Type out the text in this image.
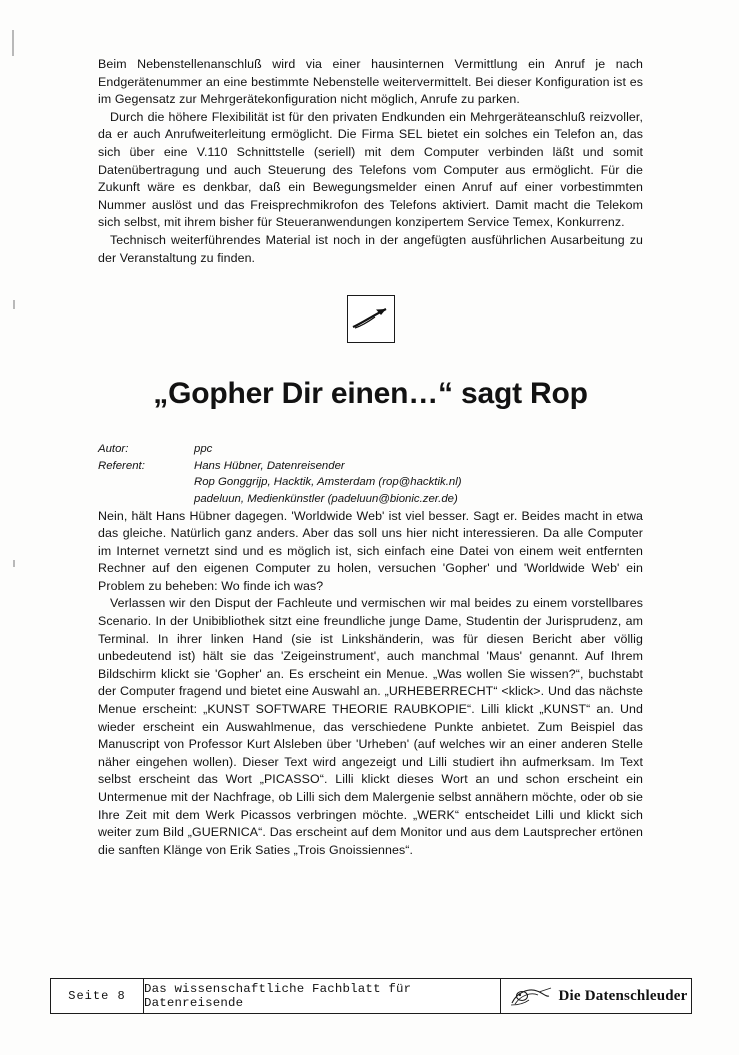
Beim Nebenstellenanschluß wird via einer hausinternen Vermittlung ein Anruf je nach Endgerätenummer an eine bestimmte Nebenstelle weitervermittelt. Bei dieser Konfiguration ist es im Gegensatz zur Mehrgerätekonfiguration nicht möglich, Anrufe zu parken.

Durch die höhere Flexibilität ist für den privaten Endkunden ein Mehrgeräteanschluß reizvoller, da er auch Anrufweiterleitung ermöglicht. Die Firma SEL bietet ein solches ein Telefon an, das sich über eine V.110 Schnittstelle (seriell) mit dem Computer verbinden läßt und somit Datenübertragung und auch Steuerung des Telefons vom Computer aus ermöglicht. Für die Zukunft wäre es denkbar, daß ein Bewegungsmelder einen Anruf auf einer vorbestimmten Nummer auslöst und das Freisprechmikrofon des Telefons aktiviert. Damit macht die Telekom sich selbst, mit ihrem bisher für Steueranwendungen konzipertem Service Temex, Konkurrenz.

Technisch weiterführendes Material ist noch in der angefügten ausführlichen Ausarbeitung zu der Veranstaltung zu finden.

„Gopher Dir einen…“ sagt Rop
Autor:	ppc
Referent:	Hans Hübner, Datenreisender
Rop Gonggrijp, Hacktik, Amsterdam (rop@hacktik.nl)
padeluun, Medienkünstler (padeluun@bionic.zer.de)

Nein, hält Hans Hübner dagegen. 'Worldwide Web' ist viel besser. Sagt er. Beides macht in etwa das gleiche. Natürlich ganz anders. Aber das soll uns hier nicht interessieren. Da alle Computer im Internet vernetzt sind und es möglich ist, sich einfach eine Datei von einem weit entfernten Rechner auf den eigenen Computer zu holen, versuchen 'Gopher' und 'Worldwide Web' ein Problem zu beheben: Wo finde ich was?

Verlassen wir den Disput der Fachleute und vermischen wir mal beides zu einem vorstellbares Scenario. In der Unibibliothek sitzt eine freundliche junge Dame, Studentin der Jurisprudenz, am Terminal. In ihrer linken Hand (sie ist Linkshänderin, was für diesen Bericht aber völlig unbedeutend ist) hält sie das 'Zeigeinstrument', auch manchmal 'Maus' genannt. Auf Ihrem Bildschirm klickt sie 'Gopher' an. Es erscheint ein Menue. „Was wollen Sie wissen?“, buchstabt der Computer fragend und bietet eine Auswahl an. „URHEBERRECHT“ <klick>. Und das nächste Menue erscheint: „KUNST SOFTWARE THEORIE RAUBKOPIE“. Lilli klickt „KUNST“ an. Und wieder erscheint ein Auswahlmenue, das verschiedene Punkte anbietet. Zum Beispiel das Manuscript von Professor Kurt Alsleben über 'Urheben' (auf welches wir an einer anderen Stelle näher eingehen wollen). Dieser Text wird angezeigt und Lilli studiert ihn aufmerksam. Im Text selbst erscheint das Wort „PICASSO“. Lilli klickt dieses Wort an und schon erscheint ein Untermenue mit der Nachfrage, ob Lilli sich dem Malergenie selbst annähern möchte, oder ob sie Ihre Zeit mit dem Werk Picassos verbringen möchte. „WERK“ entscheidet Lilli und klickt sich weiter zum Bild „GUERNICA“. Das erscheint auf dem Monitor und aus dem Lautsprecher ertönen die sanften Klänge von Erik Saties „Trois Gnoissiennes“.

Seite 8	Das wissenschaftliche Fachblatt für Datenreisende	Die Datenschleuder
